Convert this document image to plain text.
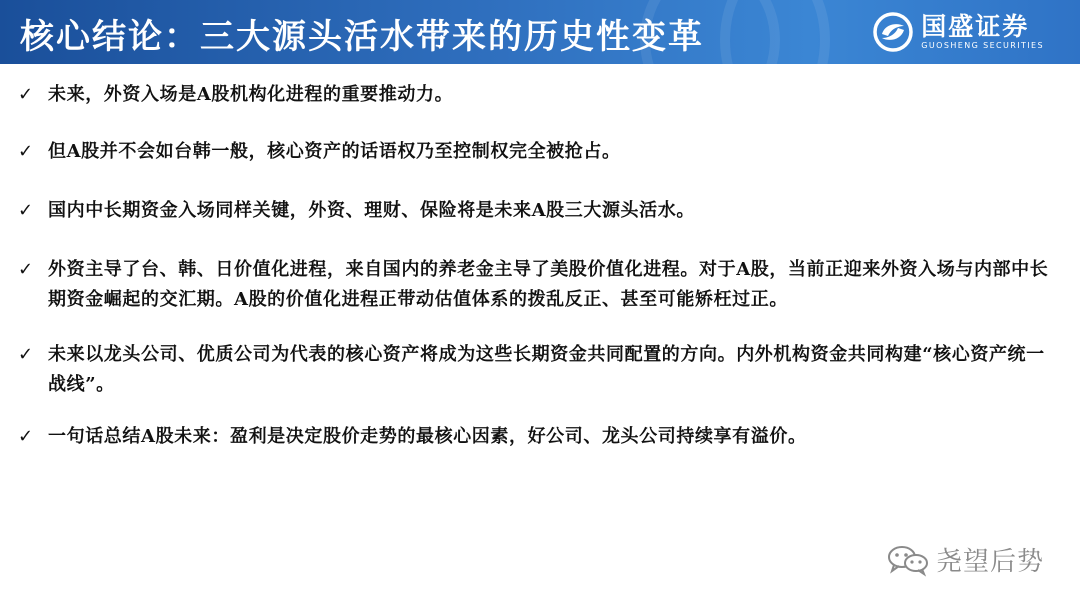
核心结论：三大源头活水带来的历史性变革	国盛证券
GUOSHENG SECURITIES
✓ 未来，外资入场是A股机构化进程的重要推动力。
✓ 但A股并不会如台韩一般，核心资产的话语权乃至控制权完全被抢占。
✓ 国内中长期资金入场同样关键，外资、理财、保险将是未来A股三大源头活水。
✓ 外资主导了台、韩、日价值化进程，来自国内的养老金主导了美股价值化进程。对于A股，当前正迎来外资入场与内部中长期资金崛起的交汇期。A股的价值化进程正带动估值体系的拨乱反正、甚至可能矫枉过正。
✓ 未来以龙头公司、优质公司为代表的核心资产将成为这些长期资金共同配置的方向。内外机构资金共同构建“核心资产统一战线”。
✓ 一句话总结A股未来：盈利是决定股价走势的最核心因素，好公司、龙头公司持续享有溢价。
尧望后势
